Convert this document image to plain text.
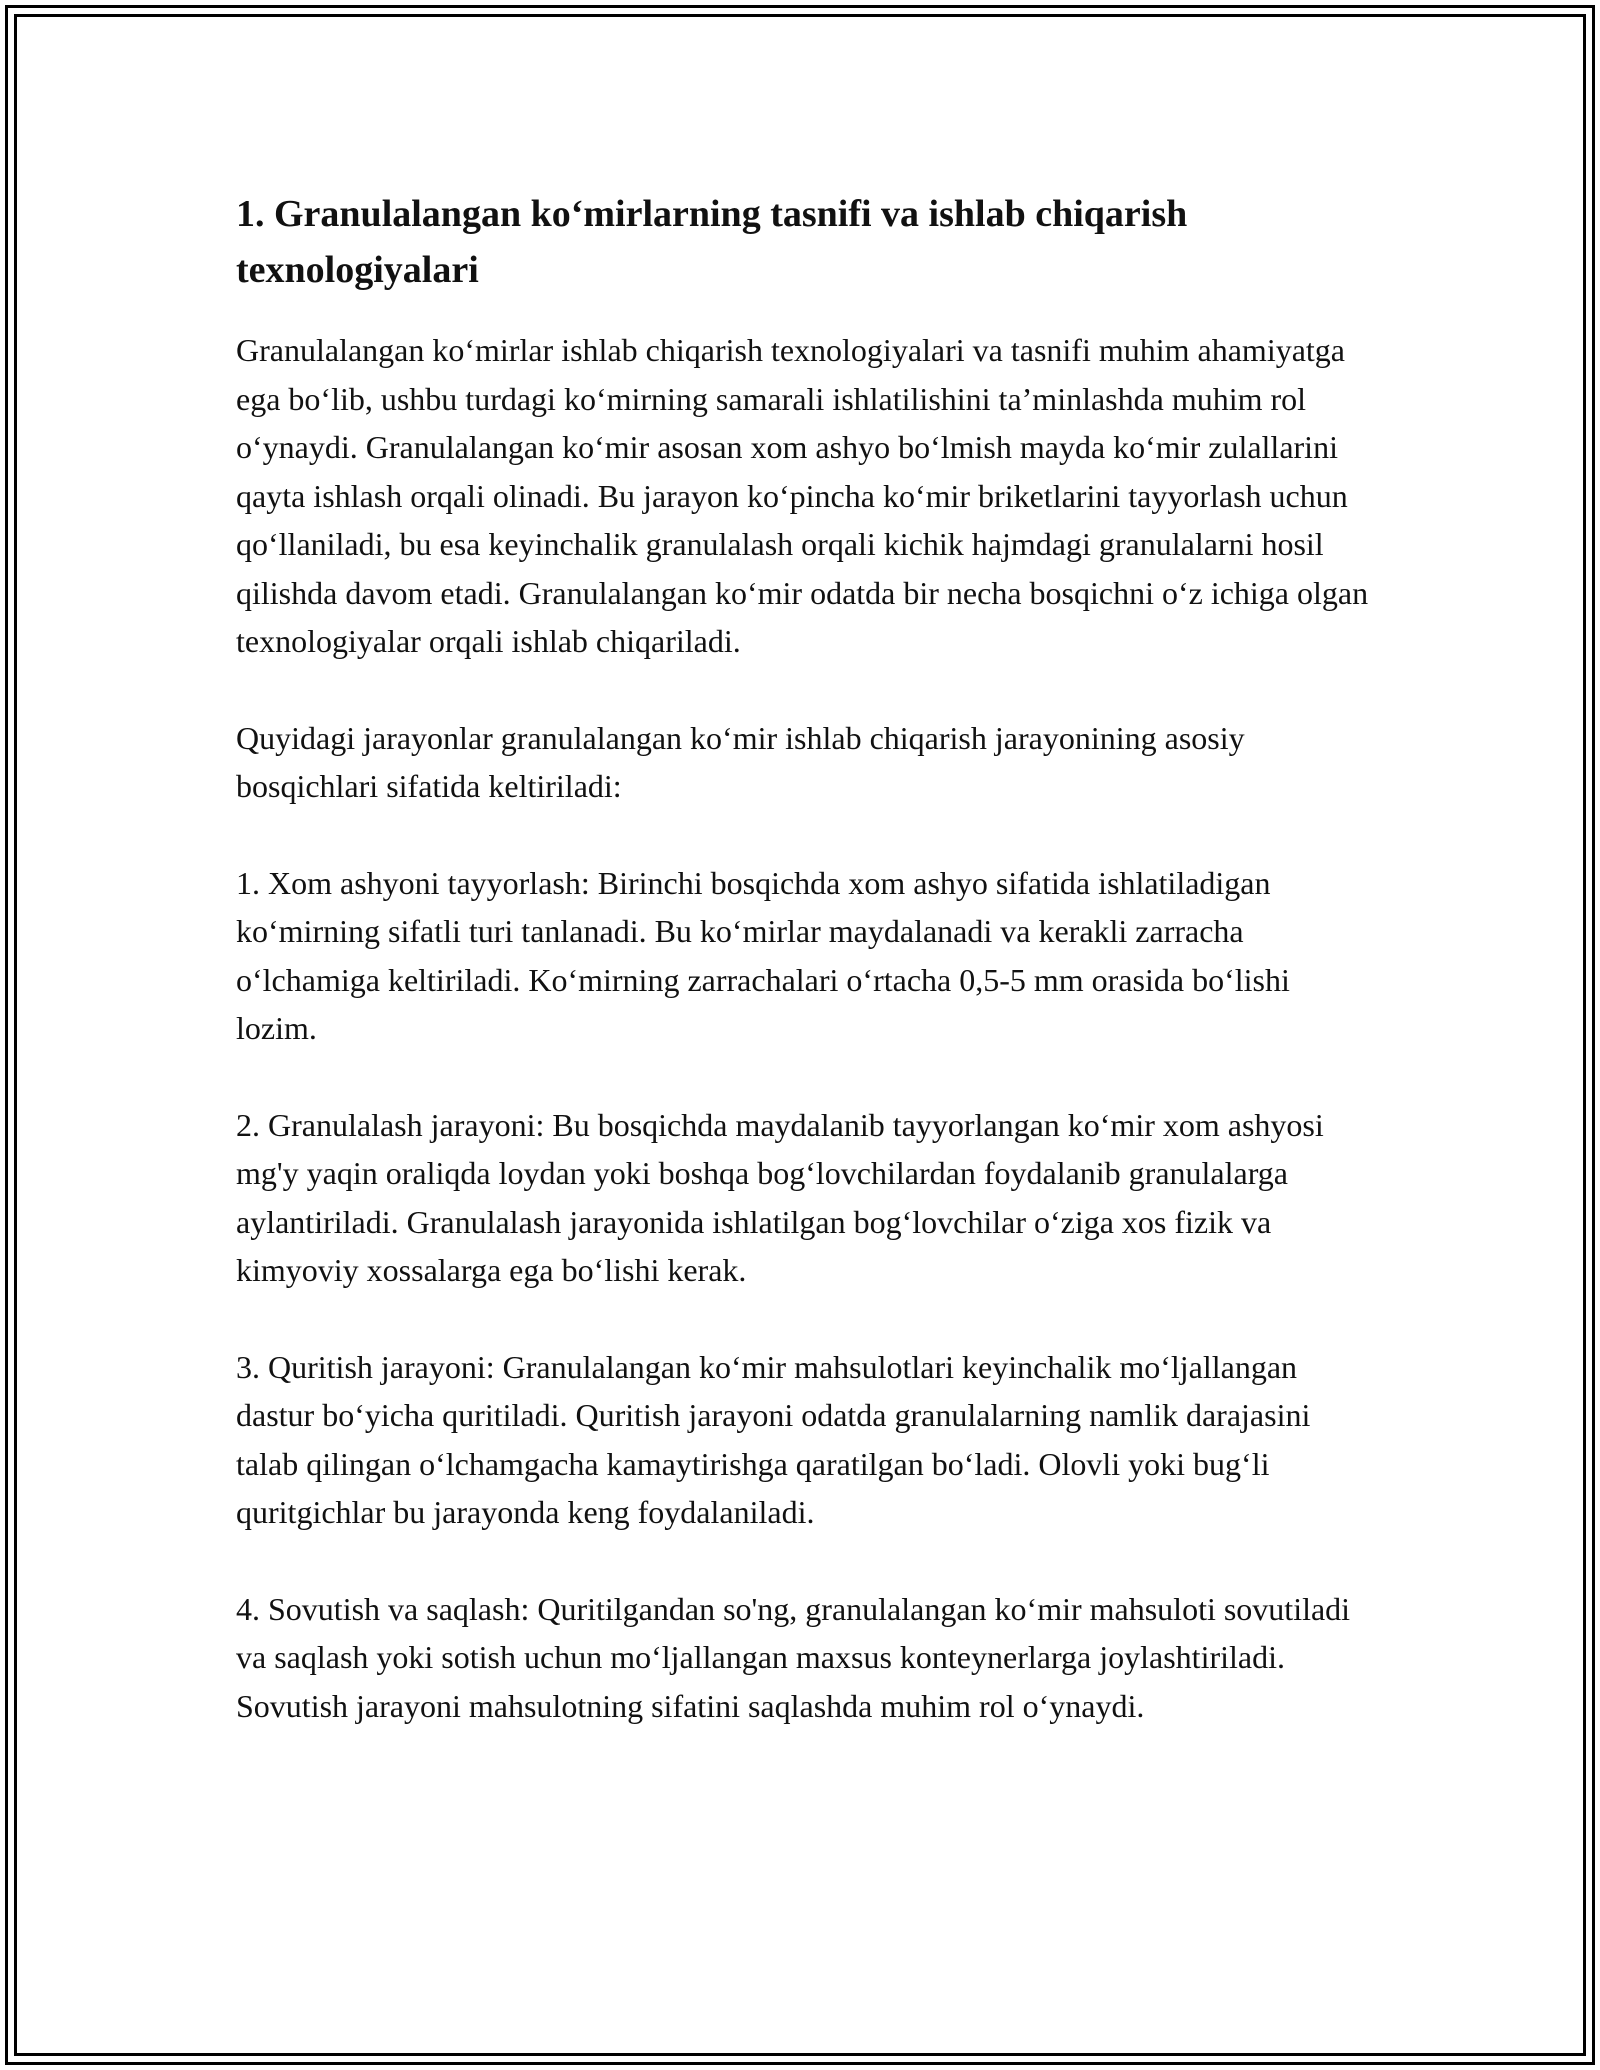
1. Granulalangan ko‘mirlarning tasnifi va ishlab chiqarish texnologiyalari

Granulalangan ko‘mirlar ishlab chiqarish texnologiyalari va tasnifi muhim ahamiyatga ega bo‘lib, ushbu turdagi ko‘mirning samarali ishlatilishini ta’minlashda muhim rol o‘ynaydi. Granulalangan ko‘mir asosan xom ashyo bo‘lmish mayda ko‘mir zulallarini qayta ishlash orqali olinadi. Bu jarayon ko‘pincha ko‘mir briketlarini tayyorlash uchun qo‘llaniladi, bu esa keyinchalik granulalash orqali kichik hajmdagi granulalarni hosil qilishda davom etadi. Granulalangan ko‘mir odatda bir necha bosqichni o‘z ichiga olgan texnologiyalar orqali ishlab chiqariladi.

Quyidagi jarayonlar granulalangan ko‘mir ishlab chiqarish jarayonining asosiy bosqichlari sifatida keltiriladi:

1. Xom ashyoni tayyorlash: Birinchi bosqichda xom ashyo sifatida ishlatiladigan ko‘mirning sifatli turi tanlanadi. Bu ko‘mirlar maydalanadi va kerakli zarracha o‘lchamiga keltiriladi. Ko‘mirning zarrachalari o‘rtacha 0,5-5 mm orasida bo‘lishi lozim.

2. Granulalash jarayoni: Bu bosqichda maydalanib tayyorlangan ko‘mir xom ashyosi mg'y yaqin oraliqda loydan yoki boshqa bog‘lovchilardan foydalanib granulalarga aylantiriladi. Granulalash jarayonida ishlatilgan bog‘lovchilar o‘ziga xos fizik va kimyoviy xossalarga ega bo‘lishi kerak.

3. Quritish jarayoni: Granulalangan ko‘mir mahsulotlari keyinchalik mo‘ljallangan dastur bo‘yicha quritiladi. Quritish jarayoni odatda granulalarning namlik darajasini talab qilingan o‘lchamgacha kamaytirishga qaratilgan bo‘ladi. Olovli yoki bug‘li quritgichlar bu jarayonda keng foydalaniladi.

4. Sovutish va saqlash: Quritilgandan so'ng, granulalangan ko‘mir mahsuloti sovutiladi va saqlash yoki sotish uchun mo‘ljallangan maxsus konteynerlarga joylashtiriladi. Sovutish jarayoni mahsulotning sifatini saqlashda muhim rol o‘ynaydi.
